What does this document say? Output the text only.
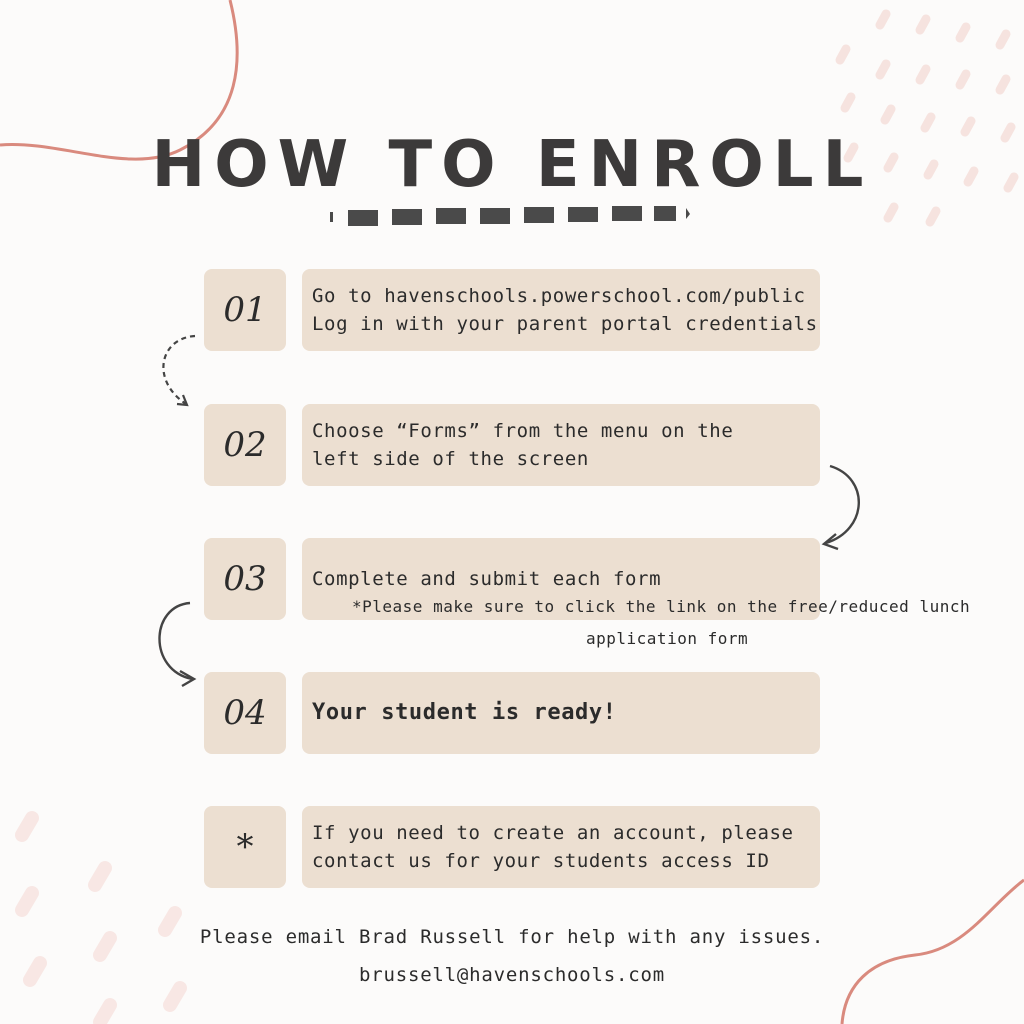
HOW TO ENROLL
01	Go to havenschools.powerschool.com/public
Log in with your parent portal credentials
02	Choose “Forms” from the menu on the
left side of the screen
03	Complete and submit each form
*Please make sure to click the link on the free/reduced lunch
application form
04	Your student is ready!
*	If you need to create an account, please
contact us for your students access ID
Please email Brad Russell for help with any issues.
brussell@havenschools.com
